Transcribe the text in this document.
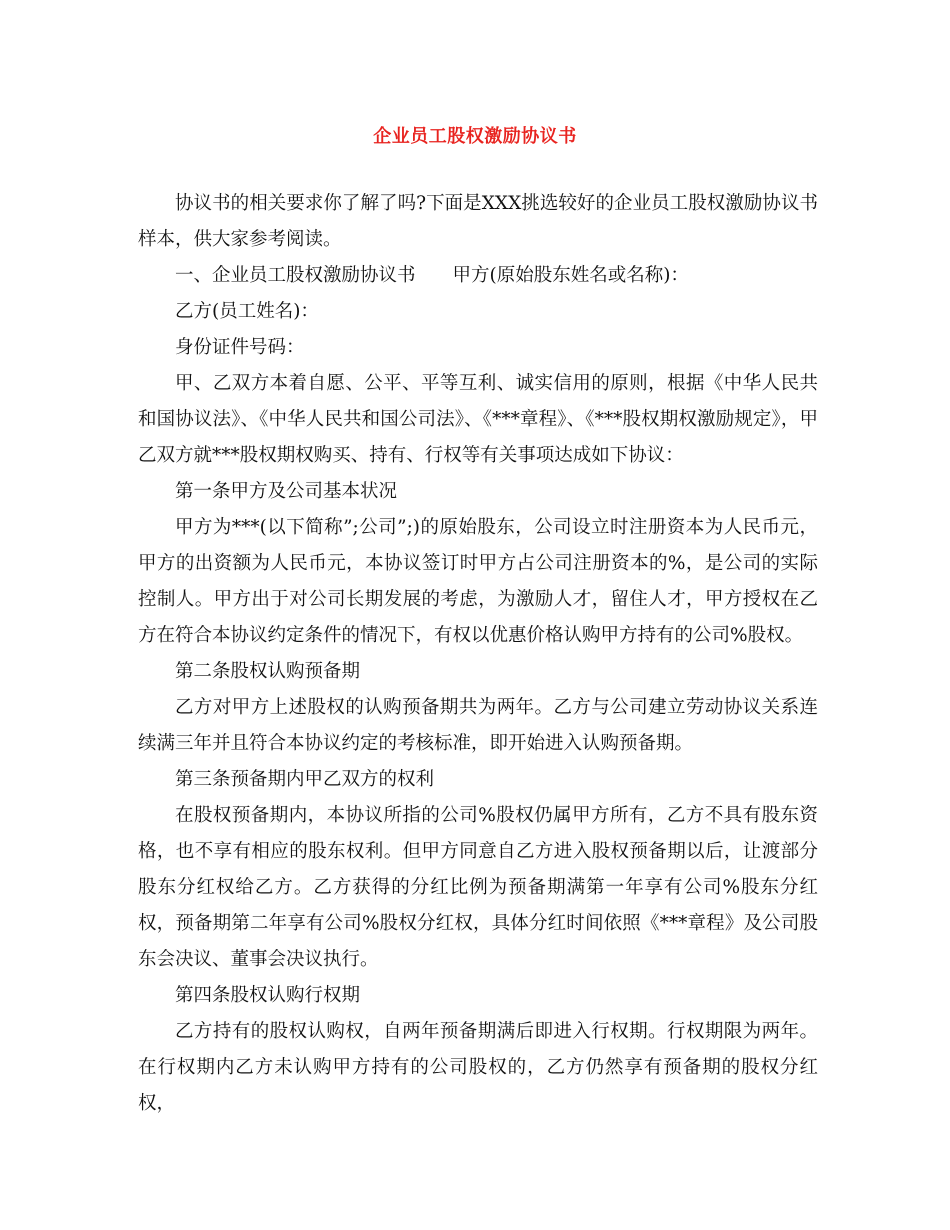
企业员工股权激励协议书

协议书的相关要求你了解了吗?下面是XXX挑选较好的企业员工股权激励协议书样本，供大家参考阅读。

一、企业员工股权激励协议书　　甲方(原始股东姓名或名称)：

乙方(员工姓名)：

身份证件号码：

甲、乙双方本着自愿、公平、平等互利、诚实信用的原则，根据《中华人民共和国协议法》、《中华人民共和国公司法》、《***章程》、《***股权期权激励规定》，甲乙双方就***股权期权购买、持有、行权等有关事项达成如下协议：

第一条甲方及公司基本状况

甲方为***(以下简称”;公司”;)的原始股东，公司设立时注册资本为人民币元，甲方的出资额为人民币元，本协议签订时甲方占公司注册资本的%，是公司的实际控制人。甲方出于对公司长期发展的考虑，为激励人才，留住人才，甲方授权在乙方在符合本协议约定条件的情况下，有权以优惠价格认购甲方持有的公司%股权。

第二条股权认购预备期

乙方对甲方上述股权的认购预备期共为两年。乙方与公司建立劳动协议关系连续满三年并且符合本协议约定的考核标准，即开始进入认购预备期。

第三条预备期内甲乙双方的权利

在股权预备期内，本协议所指的公司%股权仍属甲方所有，乙方不具有股东资格，也不享有相应的股东权利。但甲方同意自乙方进入股权预备期以后，让渡部分股东分红权给乙方。乙方获得的分红比例为预备期满第一年享有公司%股东分红权，预备期第二年享有公司%股权分红权，具体分红时间依照《***章程》及公司股东会决议、董事会决议执行。

第四条股权认购行权期

乙方持有的股权认购权，自两年预备期满后即进入行权期。行权期限为两年。在行权期内乙方未认购甲方持有的公司股权的，乙方仍然享有预备期的股权分红权，
